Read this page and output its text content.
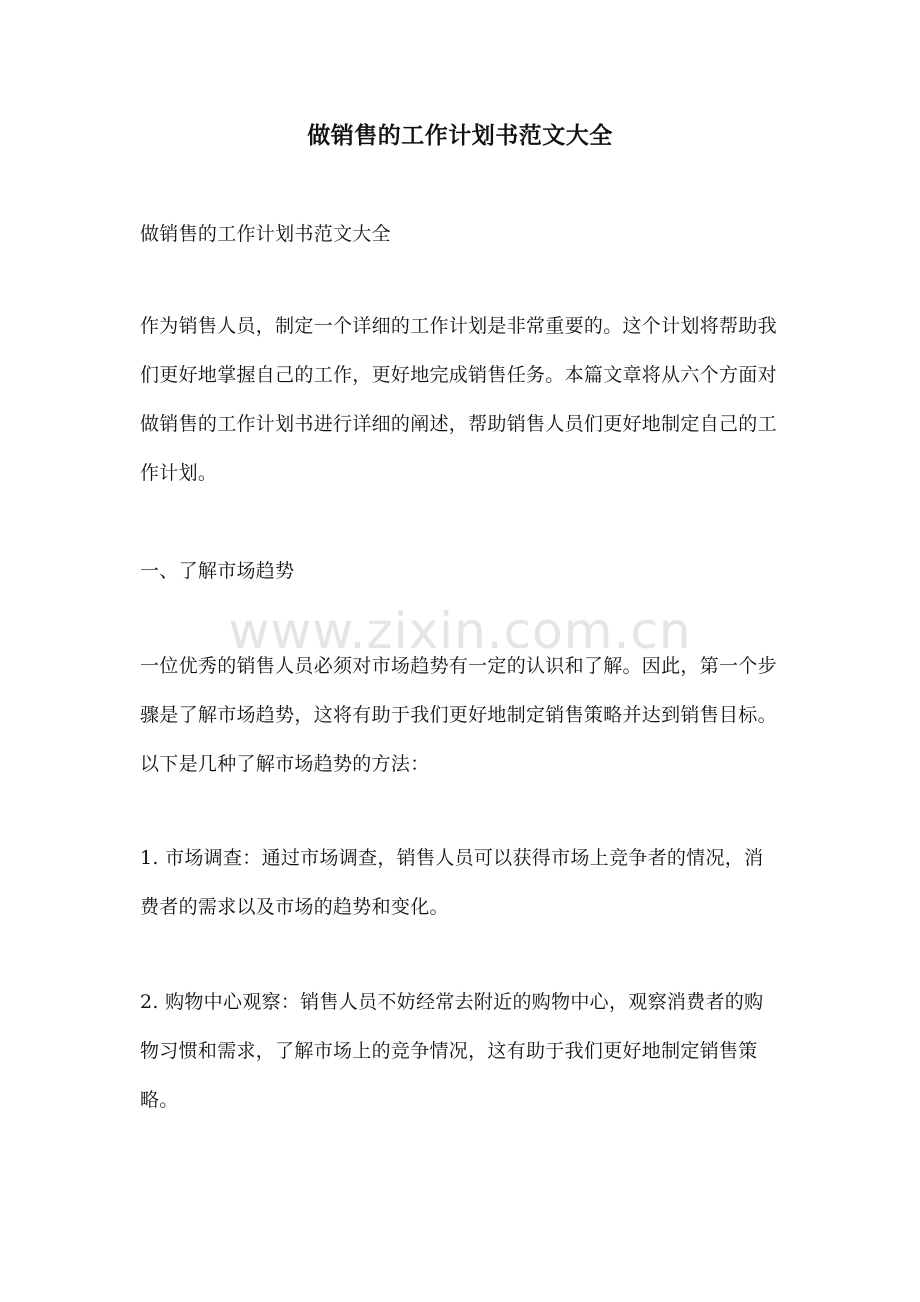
做销售的工作计划书范文大全

做销售的工作计划书范文大全

作为销售人员，制定一个详细的工作计划是非常重要的。这个计划将帮助我们更好地掌握自己的工作，更好地完成销售任务。本篇文章将从六个方面对做销售的工作计划书进行详细的阐述，帮助销售人员们更好地制定自己的工作计划。

一、了解市场趋势

一位优秀的销售人员必须对市场趋势有一定的认识和了解。因此，第一个步骤是了解市场趋势，这将有助于我们更好地制定销售策略并达到销售目标。以下是几种了解市场趋势的方法：

1. 市场调查：通过市场调查，销售人员可以获得市场上竞争者的情况，消费者的需求以及市场的趋势和变化。

2. 购物中心观察：销售人员不妨经常去附近的购物中心，观察消费者的购物习惯和需求，了解市场上的竞争情况，这有助于我们更好地制定销售策略。

www.zixin.com.cn
